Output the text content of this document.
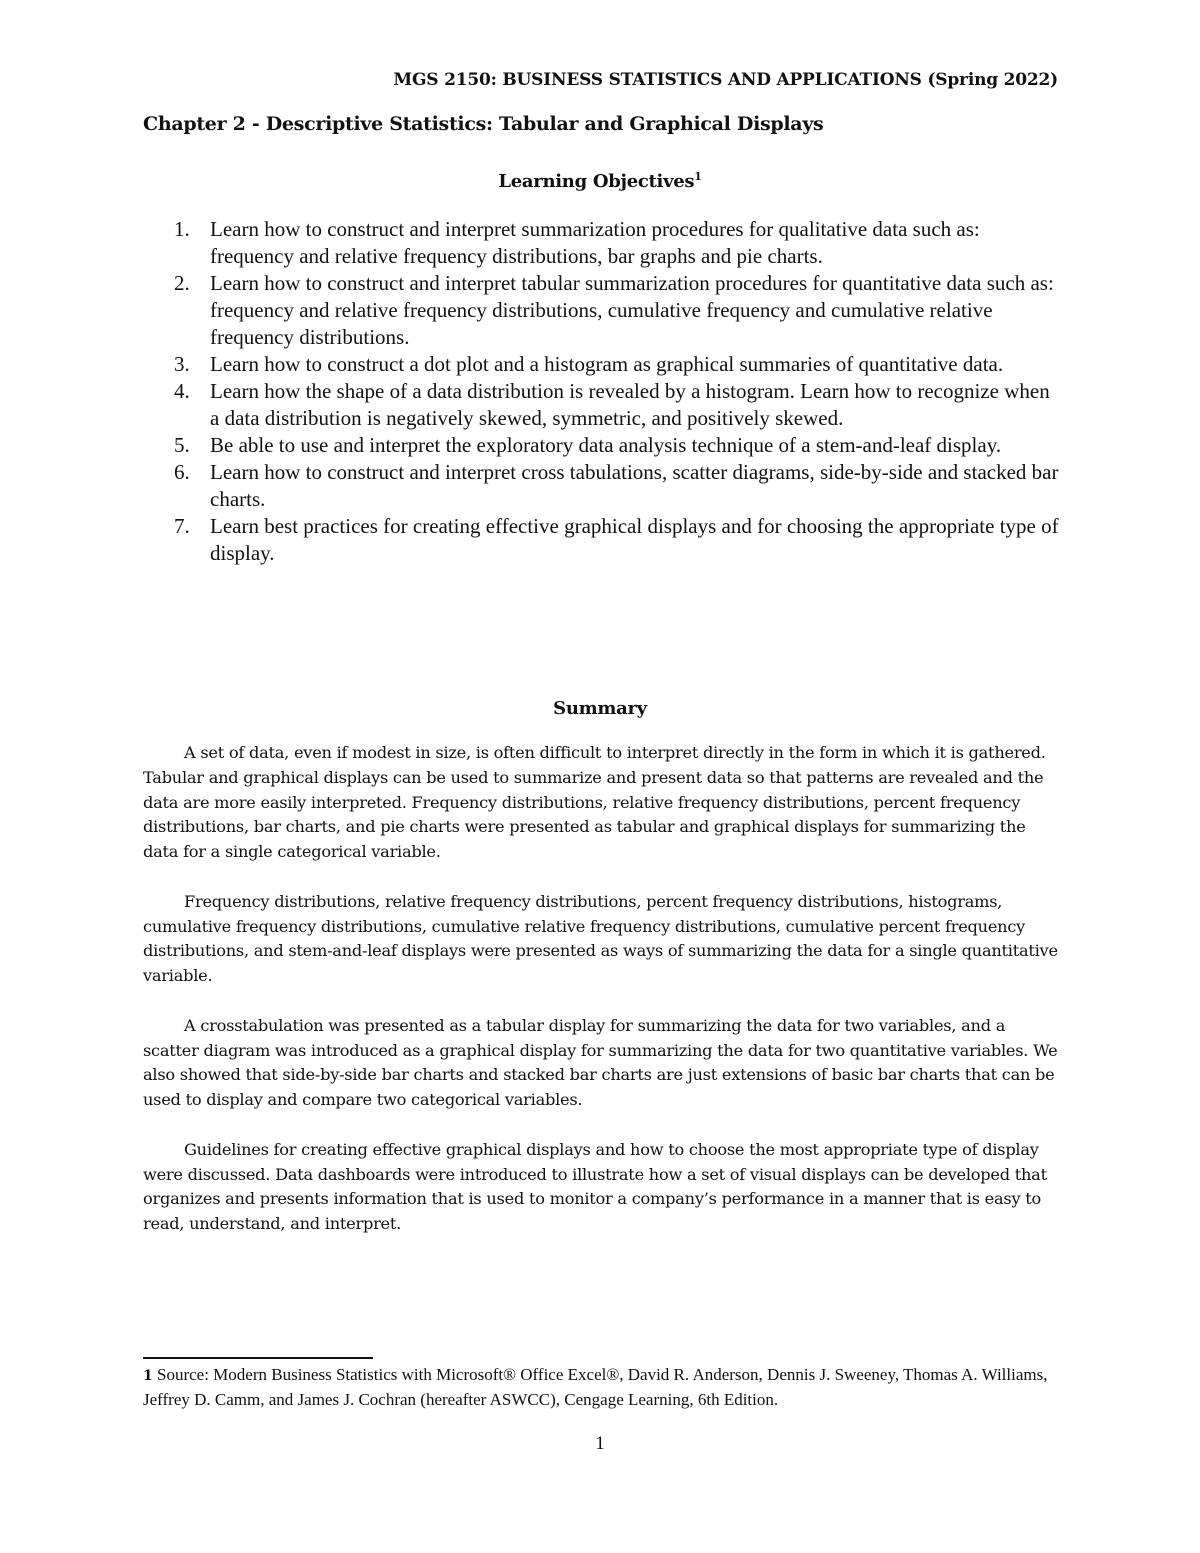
MGS 2150: BUSINESS STATISTICS AND APPLICATIONS (Spring 2022)
Chapter 2 - Descriptive Statistics: Tabular and Graphical Displays
Learning Objectives$^1$
1. Learn how to construct and interpret summarization procedures for qualitative data such as: frequency and relative frequency distributions, bar graphs and pie charts.
2. Learn how to construct and interpret tabular summarization procedures for quantitative data such as: frequency and relative frequency distributions, cumulative frequency and cumulative relative frequency distributions.
3. Learn how to construct a dot plot and a histogram as graphical summaries of quantitative data.
4. Learn how the shape of a data distribution is revealed by a histogram. Learn how to recognize when a data distribution is negatively skewed, symmetric, and positively skewed.
5. Be able to use and interpret the exploratory data analysis technique of a stem-and-leaf display.
6. Learn how to construct and interpret cross tabulations, scatter diagrams, side-by-side and stacked bar charts.
7. Learn best practices for creating effective graphical displays and for choosing the appropriate type of display.
Summary

A set of data, even if modest in size, is often difficult to interpret directly in the form in which it is gathered. Tabular and graphical displays can be used to summarize and present data so that patterns are revealed and the data are more easily interpreted. Frequency distributions, relative frequency distributions, percent frequency distributions, bar charts, and pie charts were presented as tabular and graphical displays for summarizing the data for a single categorical variable.

Frequency distributions, relative frequency distributions, percent frequency distributions, histograms, cumulative frequency distributions, cumulative relative frequency distributions, cumulative percent frequency distributions, and stem-and-leaf displays were presented as ways of summarizing the data for a single quantitative variable.

A crosstabulation was presented as a tabular display for summarizing the data for two variables, and a scatter diagram was introduced as a graphical display for summarizing the data for two quantitative variables. We also showed that side-by-side bar charts and stacked bar charts are just extensions of basic bar charts that can be used to display and compare two categorical variables.

Guidelines for creating effective graphical displays and how to choose the most appropriate type of display were discussed. Data dashboards were introduced to illustrate how a set of visual displays can be developed that organizes and presents information that is used to monitor a company’s performance in a manner that is easy to read, understand, and interpret.

1 Source: Modern Business Statistics with Microsoft® Office Excel®, David R. Anderson, Dennis J. Sweeney, Thomas A. Williams, Jeffrey D. Camm, and James J. Cochran (hereafter ASWCC), Cengage Learning, 6th Edition.
1
